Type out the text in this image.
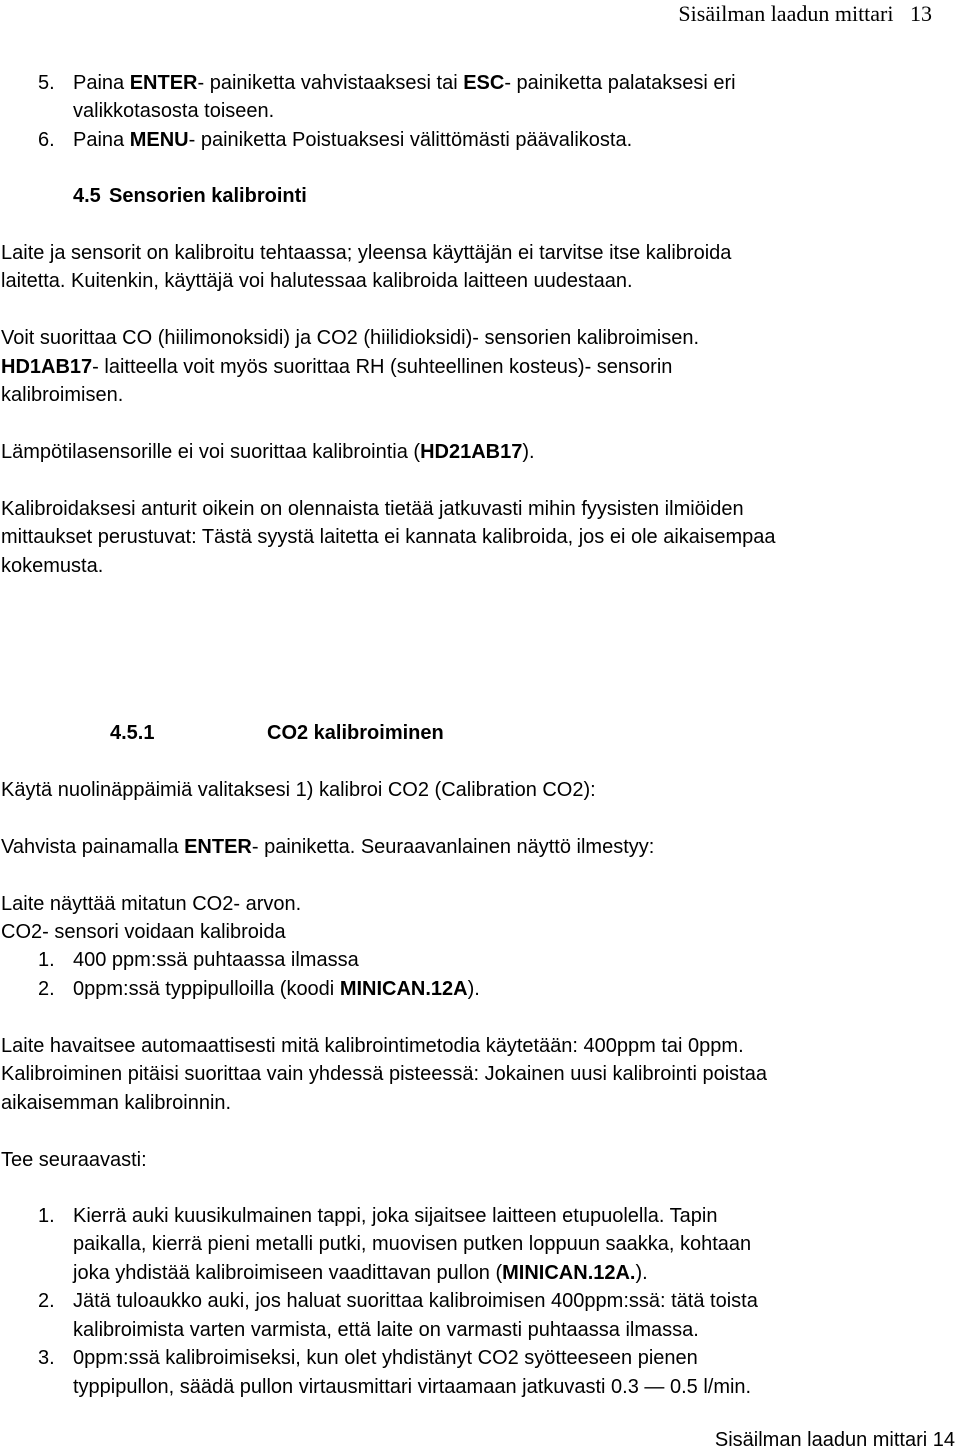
Sisäilman laadun mittari   13
5. Paina ENTER- painiketta vahvistaaksesi tai ESC- painiketta palataksesi eri
valikkotasosta toiseen.
6. Paina MENU- painiketta Poistuaksesi välittömästi päävalikosta.
4.5 Sensorien kalibrointi
Laite ja sensorit on kalibroitu tehtaassa; yleensa käyttäjän ei tarvitse itse kalibroida
laitetta. Kuitenkin, käyttäjä voi halutessaa kalibroida laitteen uudestaan.
Voit suorittaa CO (hiilimonoksidi) ja CO2 (hiilidioksidi)- sensorien kalibroimisen.
HD1AB17- laitteella voit myös suorittaa RH (suhteellinen kosteus)- sensorin
kalibroimisen.
Lämpötilasensorille ei voi suorittaa kalibrointia (HD21AB17).
Kalibroidaksesi anturit oikein on olennaista tietää jatkuvasti mihin fyysisten ilmiöiden
mittaukset perustuvat: Tästä syystä laitetta ei kannata kalibroida, jos ei ole aikaisempaa
kokemusta.
4.5.1	CO2 kalibroiminen
Käytä nuolinäppäimiä valitaksesi 1) kalibroi CO2 (Calibration CO2):
Vahvista painamalla ENTER- painiketta. Seuraavanlainen näyttö ilmestyy:
Laite näyttää mitatun CO2- arvon.
CO2- sensori voidaan kalibroida
1. 400 ppm:ssä puhtaassa ilmassa
2. 0ppm:ssä typpipulloilla (koodi MINICAN.12A).
Laite havaitsee automaattisesti mitä kalibrointimetodia käytetään: 400ppm tai 0ppm.
Kalibroiminen pitäisi suorittaa vain yhdessä pisteessä: Jokainen uusi kalibrointi poistaa
aikaisemman kalibroinnin.
Tee seuraavasti:
1. Kierrä auki kuusikulmainen tappi, joka sijaitsee laitteen etupuolella. Tapin
paikalla, kierrä pieni metalli putki, muovisen putken loppuun saakka, kohtaan
joka yhdistää kalibroimiseen vaadittavan pullon (MINICAN.12A.).
2. Jätä tuloaukko auki, jos haluat suorittaa kalibroimisen 400ppm:ssä: tätä toista
kalibroimista varten varmista, että laite on varmasti puhtaassa ilmassa.
3. 0ppm:ssä kalibroimiseksi, kun olet yhdistänyt CO2 syötteeseen pienen
typpipullon, säädä pullon virtausmittari virtaamaan jatkuvasti 0.3 — 0.5 l/min.
Sisäilman laadun mittari 14
